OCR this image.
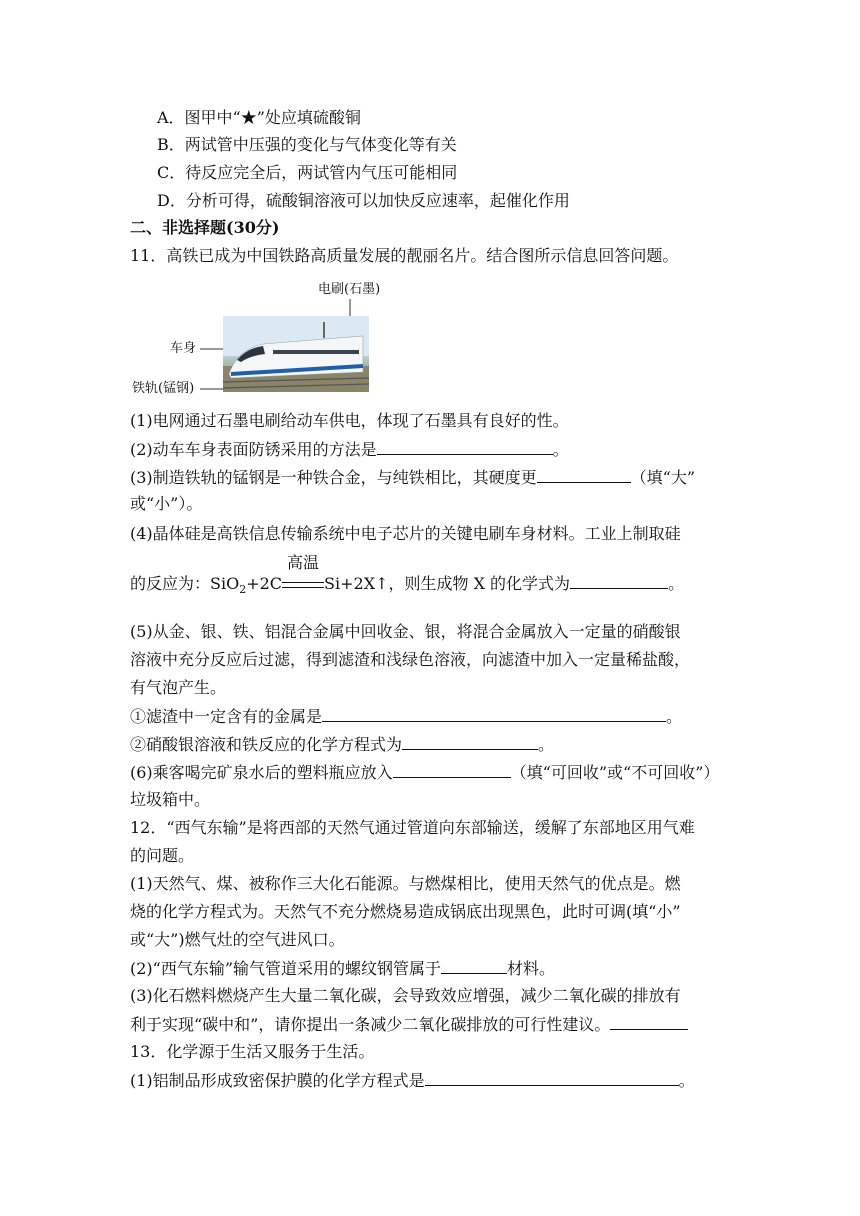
A．图甲中“★”处应填硫酸铜
B．两试管中压强的变化与气体变化等有关
C．待反应完全后，两试管内气压可能相同
D．分析可得，硫酸铜溶液可以加快反应速率，起催化作用
二、非选择题(30分)
11．高铁已成为中国铁路高质量发展的靓丽名片。结合图所示信息回答问题。
电刷(石墨)
车身
铁轨(锰钢)
(1)电网通过石墨电刷给动车供电，体现了石墨具有良好的性。
(2)动车车身表面防锈采用的方法是	。
(3)制造铁轨的锰钢是一种铁合金，与纯铁相比，其硬度更	（填“大”
或“小”）。
(4)晶体硅是高铁信息传输系统中电子芯片的关键电刷车身材料。工业上制取硅
的反应为：SiO$_2$+2C
高温
Si+2X↑，则生成物 X 的化学式为	。
(5)从金、银、铁、铝混合金属中回收金、银，将混合金属放入一定量的硝酸银
溶液中充分反应后过滤，得到滤渣和浅绿色溶液，向滤渣中加入一定量稀盐酸，
有气泡产生。
①滤渣中一定含有的金属是	。
②硝酸银溶液和铁反应的化学方程式为	。
(6)乘客喝完矿泉水后的塑料瓶应放入	（填“可回收”或“不可回收”）
垃圾箱中。
12．“西气东输”是将西部的天然气通过管道向东部输送，缓解了东部地区用气难
的问题。
(1)天然气、煤、被称作三大化石能源。与燃煤相比，使用天然气的优点是。燃
烧的化学方程式为。天然气不充分燃烧易造成锅底出现黑色，此时可调(填“小”
或“大”)燃气灶的空气进风口。
(2)“西气东输”输气管道采用的螺纹钢管属于	材料。
(3)化石燃料燃烧产生大量二氧化碳，会导致效应增强，减少二氧化碳的排放有
利于实现“碳中和”，请你提出一条减少二氧化碳排放的可行性建议。
13．化学源于生活又服务于生活。
(1)铝制品形成致密保护膜的化学方程式是	。
